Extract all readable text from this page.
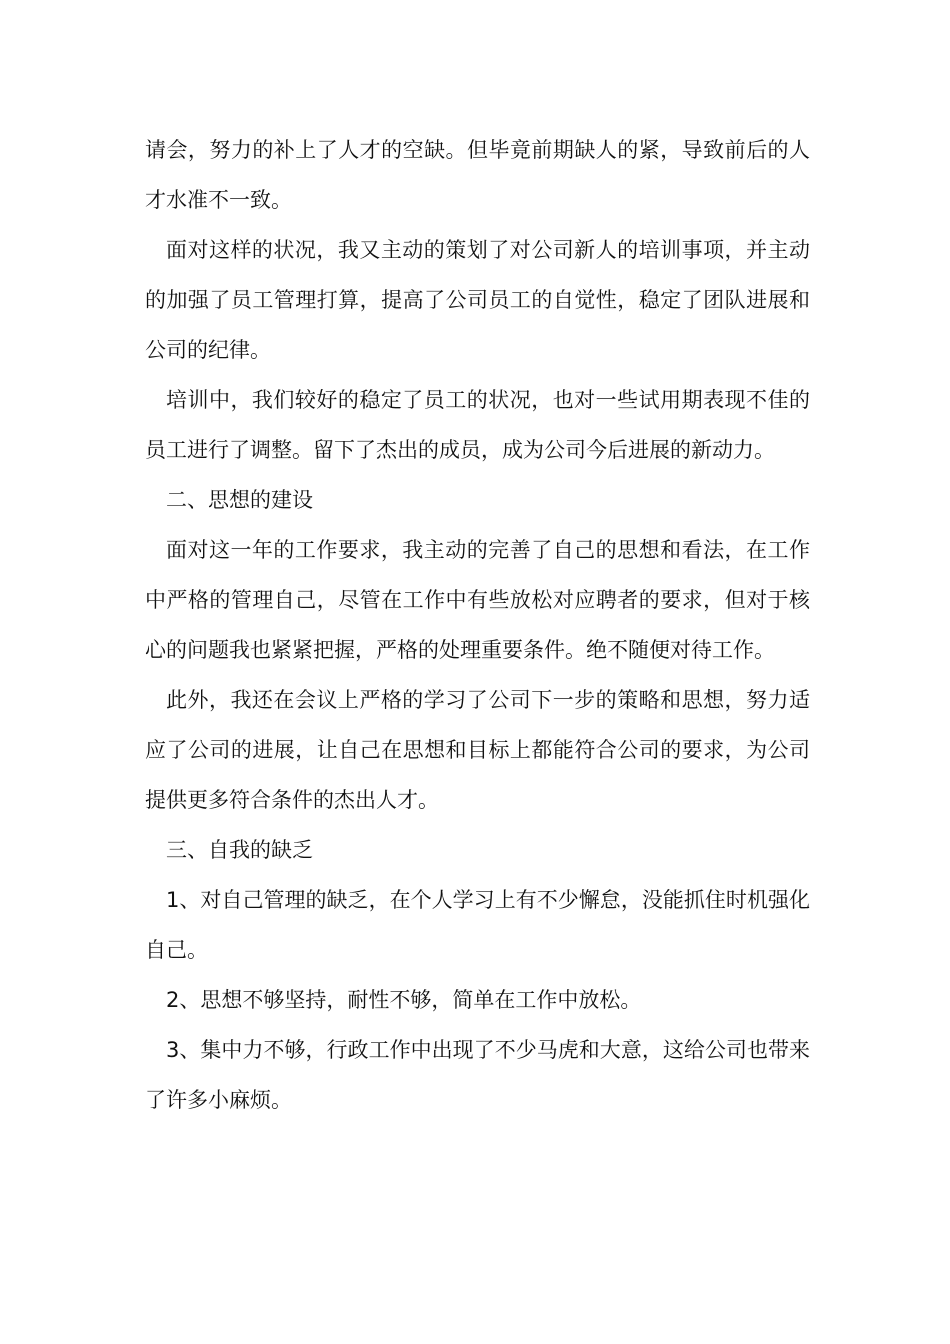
请会，努力的补上了人才的空缺。但毕竟前期缺人的紧，导致前后的人才水准不一致。

面对这样的状况，我又主动的策划了对公司新人的培训事项，并主动的加强了员工管理打算，提高了公司员工的自觉性，稳定了团队进展和公司的纪律。

培训中，我们较好的稳定了员工的状况，也对一些试用期表现不佳的员工进行了调整。留下了杰出的成员，成为公司今后进展的新动力。

二、思想的建设

面对这一年的工作要求，我主动的完善了自己的思想和看法，在工作中严格的管理自己，尽管在工作中有些放松对应聘者的要求，但对于核心的问题我也紧紧把握，严格的处理重要条件。绝不随便对待工作。

此外，我还在会议上严格的学习了公司下一步的策略和思想，努力适应了公司的进展，让自己在思想和目标上都能符合公司的要求，为公司提供更多符合条件的杰出人才。

三、自我的缺乏

1、对自己管理的缺乏，在个人学习上有不少懈怠，没能抓住时机强化自己。

2、思想不够坚持，耐性不够，简单在工作中放松。

3、集中力不够，行政工作中出现了不少马虎和大意，这给公司也带来了许多小麻烦。
